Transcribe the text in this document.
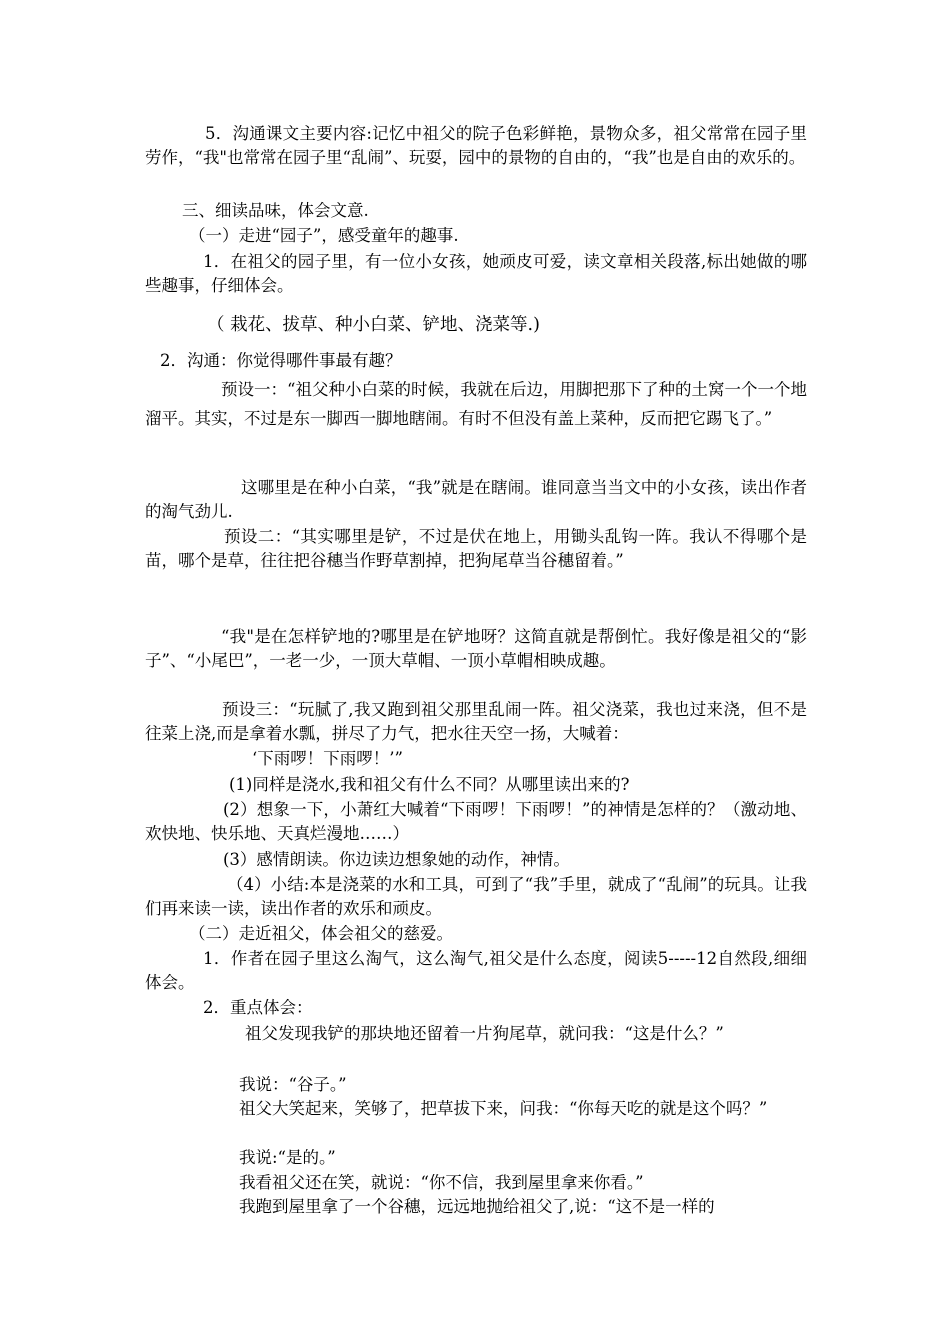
5．沟通课文主要内容:记忆中祖父的院子色彩鲜艳，景物众多，祖父常常在园子里劳作，“我"也常常在园子里“乱闹”、玩耍，园中的景物的自由的，“我”也是自由的欢乐的。

三、细读品味，体会文意.

（一）走进“园子”，感受童年的趣事.

1．在祖父的园子里，有一位小女孩，她顽皮可爱，读文章相关段落,标出她做的哪些趣事，仔细体会。

（ 栽花、拔草、种小白菜、铲地、浇菜等.)

2．沟通：你觉得哪件事最有趣？

预设一：“祖父种小白菜的时候，我就在后边，用脚把那下了种的土窝一个一个地溜平。其实，不过是东一脚西一脚地瞎闹。有时不但没有盖上菜种，反而把它踢飞了。”

这哪里是在种小白菜，“我”就是在瞎闹。谁同意当当文中的小女孩，读出作者的淘气劲儿.

预设二：“其实哪里是铲，不过是伏在地上，用锄头乱钩一阵。我认不得哪个是苗，哪个是草，往往把谷穗当作野草割掉，把狗尾草当谷穗留着。”

“我"是在怎样铲地的?哪里是在铲地呀？这简直就是帮倒忙。我好像是祖父的“影子”、“小尾巴”，一老一少，一顶大草帽、一顶小草帽相映成趣。

预设三：“玩腻了,我又跑到祖父那里乱闹一阵。祖父浇菜，我也过来浇，但不是往菜上浇,而是拿着水瓢，拼尽了力气，把水往天空一扬，大喊着：

‘下雨啰！下雨啰！’”

(1)同样是浇水,我和祖父有什么不同？从哪里读出来的?

(2）想象一下，小萧红大喊着“下雨啰！下雨啰！”的神情是怎样的？（激动地、欢快地、快乐地、天真烂漫地……）

(3）感情朗读。你边读边想象她的动作，神情。

（4）小结:本是浇菜的水和工具，可到了“我”手里，就成了“乱闹”的玩具。让我们再来读一读，读出作者的欢乐和顽皮。

（二）走近祖父，体会祖父的慈爱。

1．作者在园子里这么淘气，这么淘气,祖父是什么态度，阅读5-----12自然段,细细体会。

2．重点体会：

祖父发现我铲的那块地还留着一片狗尾草，就问我：“这是什么？”

我说：“谷子。”

祖父大笑起来，笑够了，把草拔下来，问我：“你每天吃的就是这个吗？”

我说:“是的。”

我看祖父还在笑，就说：“你不信，我到屋里拿来你看。”

我跑到屋里拿了一个谷穗，远远地抛给祖父了,说：“这不是一样的
